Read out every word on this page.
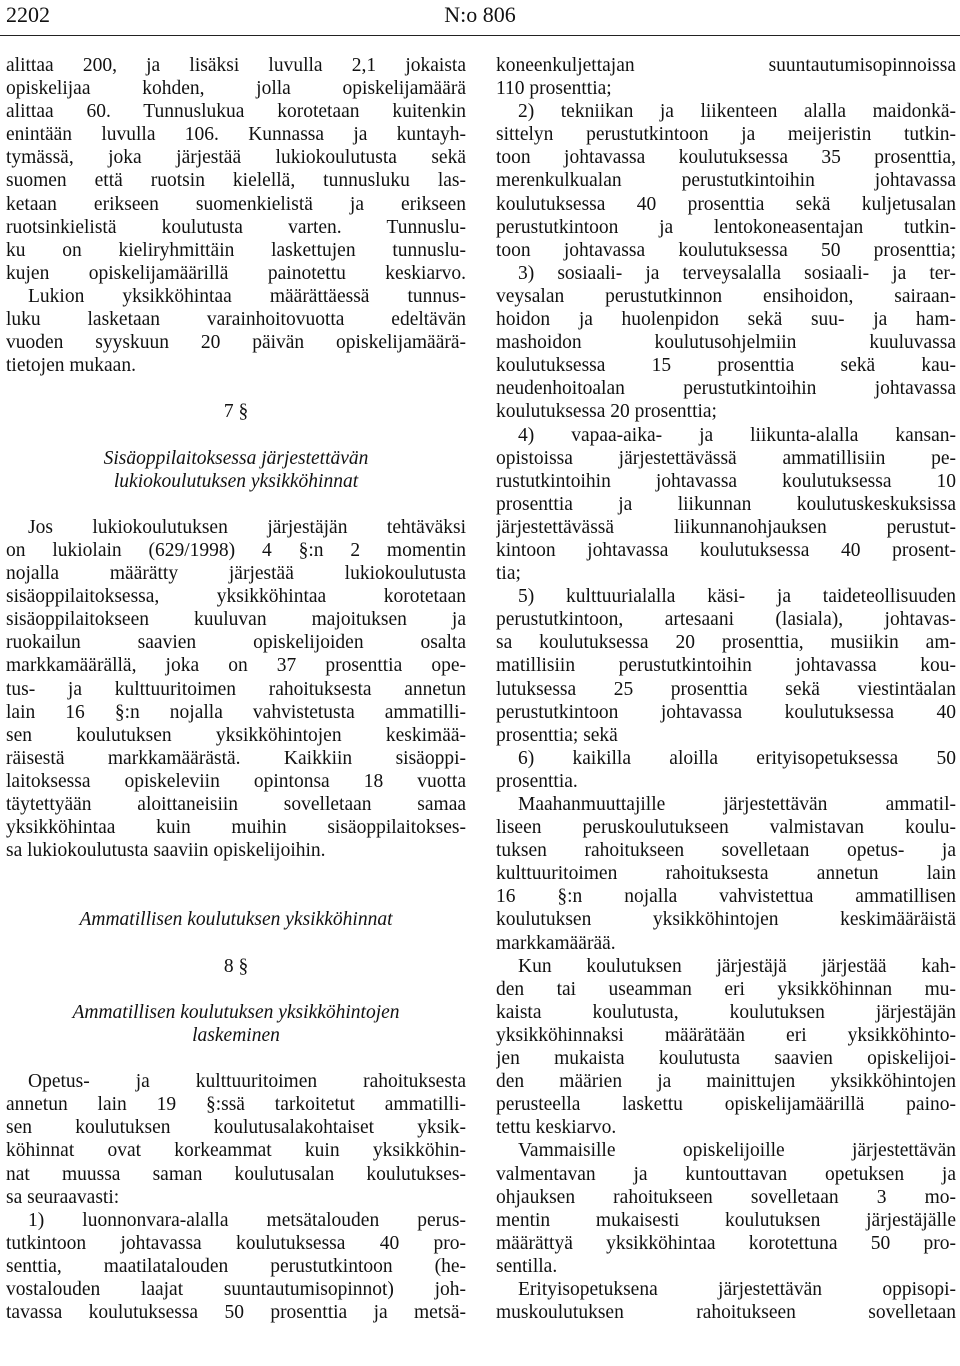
2202	N:o 806
alittaa 200, ja lisäksi luvulla 2,1 jokaista
opiskelijaa kohden, jolla opiskelijamäärä
alittaa 60. Tunnuslukua korotetaan kuitenkin
enintään luvulla 106. Kunnassa ja kuntayh-
tymässä, joka järjestää lukiokoulutusta sekä
suomen että ruotsin kielellä, tunnusluku las-
ketaan erikseen suomenkielistä ja erikseen
ruotsinkielistä koulutusta varten. Tunnuslu-
ku on kieliryhmittäin laskettujen tunnuslu-
kujen opiskelijamäärillä painotettu keskiarvo.
Lukion yksikköhintaa määrättäessä tunnus-
luku lasketaan varainhoitovuotta edeltävän
vuoden syyskuun 20 päivän opiskelijamäärä-
tietojen mukaan.
7 §
Sisäoppilaitoksessa järjestettävän
lukiokoulutuksen yksikköhinnat
Jos lukiokoulutuksen järjestäjän tehtäväksi
on lukiolain (629/1998) 4 §:n 2 momentin
nojalla määrätty järjestää lukiokoulutusta
sisäoppilaitoksessa, yksikköhintaa korotetaan
sisäoppilaitokseen kuuluvan majoituksen ja
ruokailun saavien opiskelijoiden osalta
markkamäärällä, joka on 37 prosenttia ope-
tus- ja kulttuuritoimen rahoituksesta annetun
lain 16 §:n nojalla vahvistetusta ammatilli-
sen koulutuksen yksikköhintojen keskimää-
räisestä markkamäärästä. Kaikkiin sisäoppi-
laitoksessa opiskeleviin opintonsa 18 vuotta
täytettyään aloittaneisiin sovelletaan samaa
yksikköhintaa kuin muihin sisäoppilaitokses-
sa lukiokoulutusta saaviin opiskelijoihin.
Ammatillisen koulutuksen yksikköhinnat
8 §
Ammatillisen koulutuksen yksikköhintojen
laskeminen
Opetus- ja kulttuuritoimen rahoituksesta
annetun lain 19 §:ssä tarkoitetut ammatilli-
sen koulutuksen koulutusalakohtaiset yksik-
köhinnat ovat korkeammat kuin yksikköhin-
nat muussa saman koulutusalan koulutukses-
sa seuraavasti:
1) luonnonvara-alalla metsätalouden perus-
tutkintoon johtavassa koulutuksessa 40 pro-
senttia, maatilatalouden perustutkintoon (he-
vostalouden laajat suuntautumisopinnot) joh-
tavassa koulutuksessa 50 prosenttia ja metsä-
koneenkuljettajan suuntautumisopinnoissa
110 prosenttia;
2) tekniikan ja liikenteen alalla maidonkä-
sittelyn perustutkintoon ja meijeristin tutkin-
toon johtavassa koulutuksessa 35 prosenttia,
merenkulkualan perustutkintoihin johtavassa
koulutuksessa 40 prosenttia sekä kuljetusalan
perustutkintoon ja lentokoneasentajan tutkin-
toon johtavassa koulutuksessa 50 prosenttia;
3) sosiaali- ja terveysalalla sosiaali- ja ter-
veysalan perustutkinnon ensihoidon, sairaan-
hoidon ja huolenpidon sekä suu- ja ham-
mashoidon koulutusohjelmiin kuuluvassa
koulutuksessa 15 prosenttia sekä kau-
neudenhoitoalan perustutkintoihin johtavassa
koulutuksessa 20 prosenttia;
4) vapaa-aika- ja liikunta-alalla kansan-
opistoissa järjestettävässä ammatillisiin pe-
rustutkintoihin johtavassa koulutuksessa 10
prosenttia ja liikunnan koulutuskeskuksissa
järjestettävässä liikunnanohjauksen perustut-
kintoon johtavassa koulutuksessa 40 prosent-
tia;
5) kulttuurialalla käsi- ja taideteollisuuden
perustutkintoon, artesaani (lasiala), johtavas-
sa koulutuksessa 20 prosenttia, musiikin am-
matillisiin perustutkintoihin johtavassa kou-
lutuksessa 25 prosenttia sekä viestintäalan
perustutkintoon johtavassa koulutuksessa 40
prosenttia; sekä
6) kaikilla aloilla erityisopetuksessa 50
prosenttia.
Maahanmuuttajille järjestettävän ammatil-
liseen peruskoulutukseen valmistavan koulu-
tuksen rahoitukseen sovelletaan opetus- ja
kulttuuritoimen rahoituksesta annetun lain
16 §:n nojalla vahvistettua ammatillisen
koulutuksen yksikköhintojen keskimääräistä
markkamäärää.
Kun koulutuksen järjestäjä järjestää kah-
den tai useamman eri yksikköhinnan mu-
kaista koulutusta, koulutuksen järjestäjän
yksikköhinnaksi määrätään eri yksikköhinto-
jen mukaista koulutusta saavien opiskelijoi-
den määrien ja mainittujen yksikköhintojen
perusteella laskettu opiskelijamäärillä paino-
tettu keskiarvo.
Vammaisille opiskelijoille järjestettävän
valmentavan ja kuntouttavan opetuksen ja
ohjauksen rahoitukseen sovelletaan 3 mo-
mentin mukaisesti koulutuksen järjestäjälle
määrättyä yksikköhintaa korotettuna 50 pro-
sentilla.
Erityisopetuksena järjestettävän oppisopi-
muskoulutuksen rahoitukseen sovelletaan
